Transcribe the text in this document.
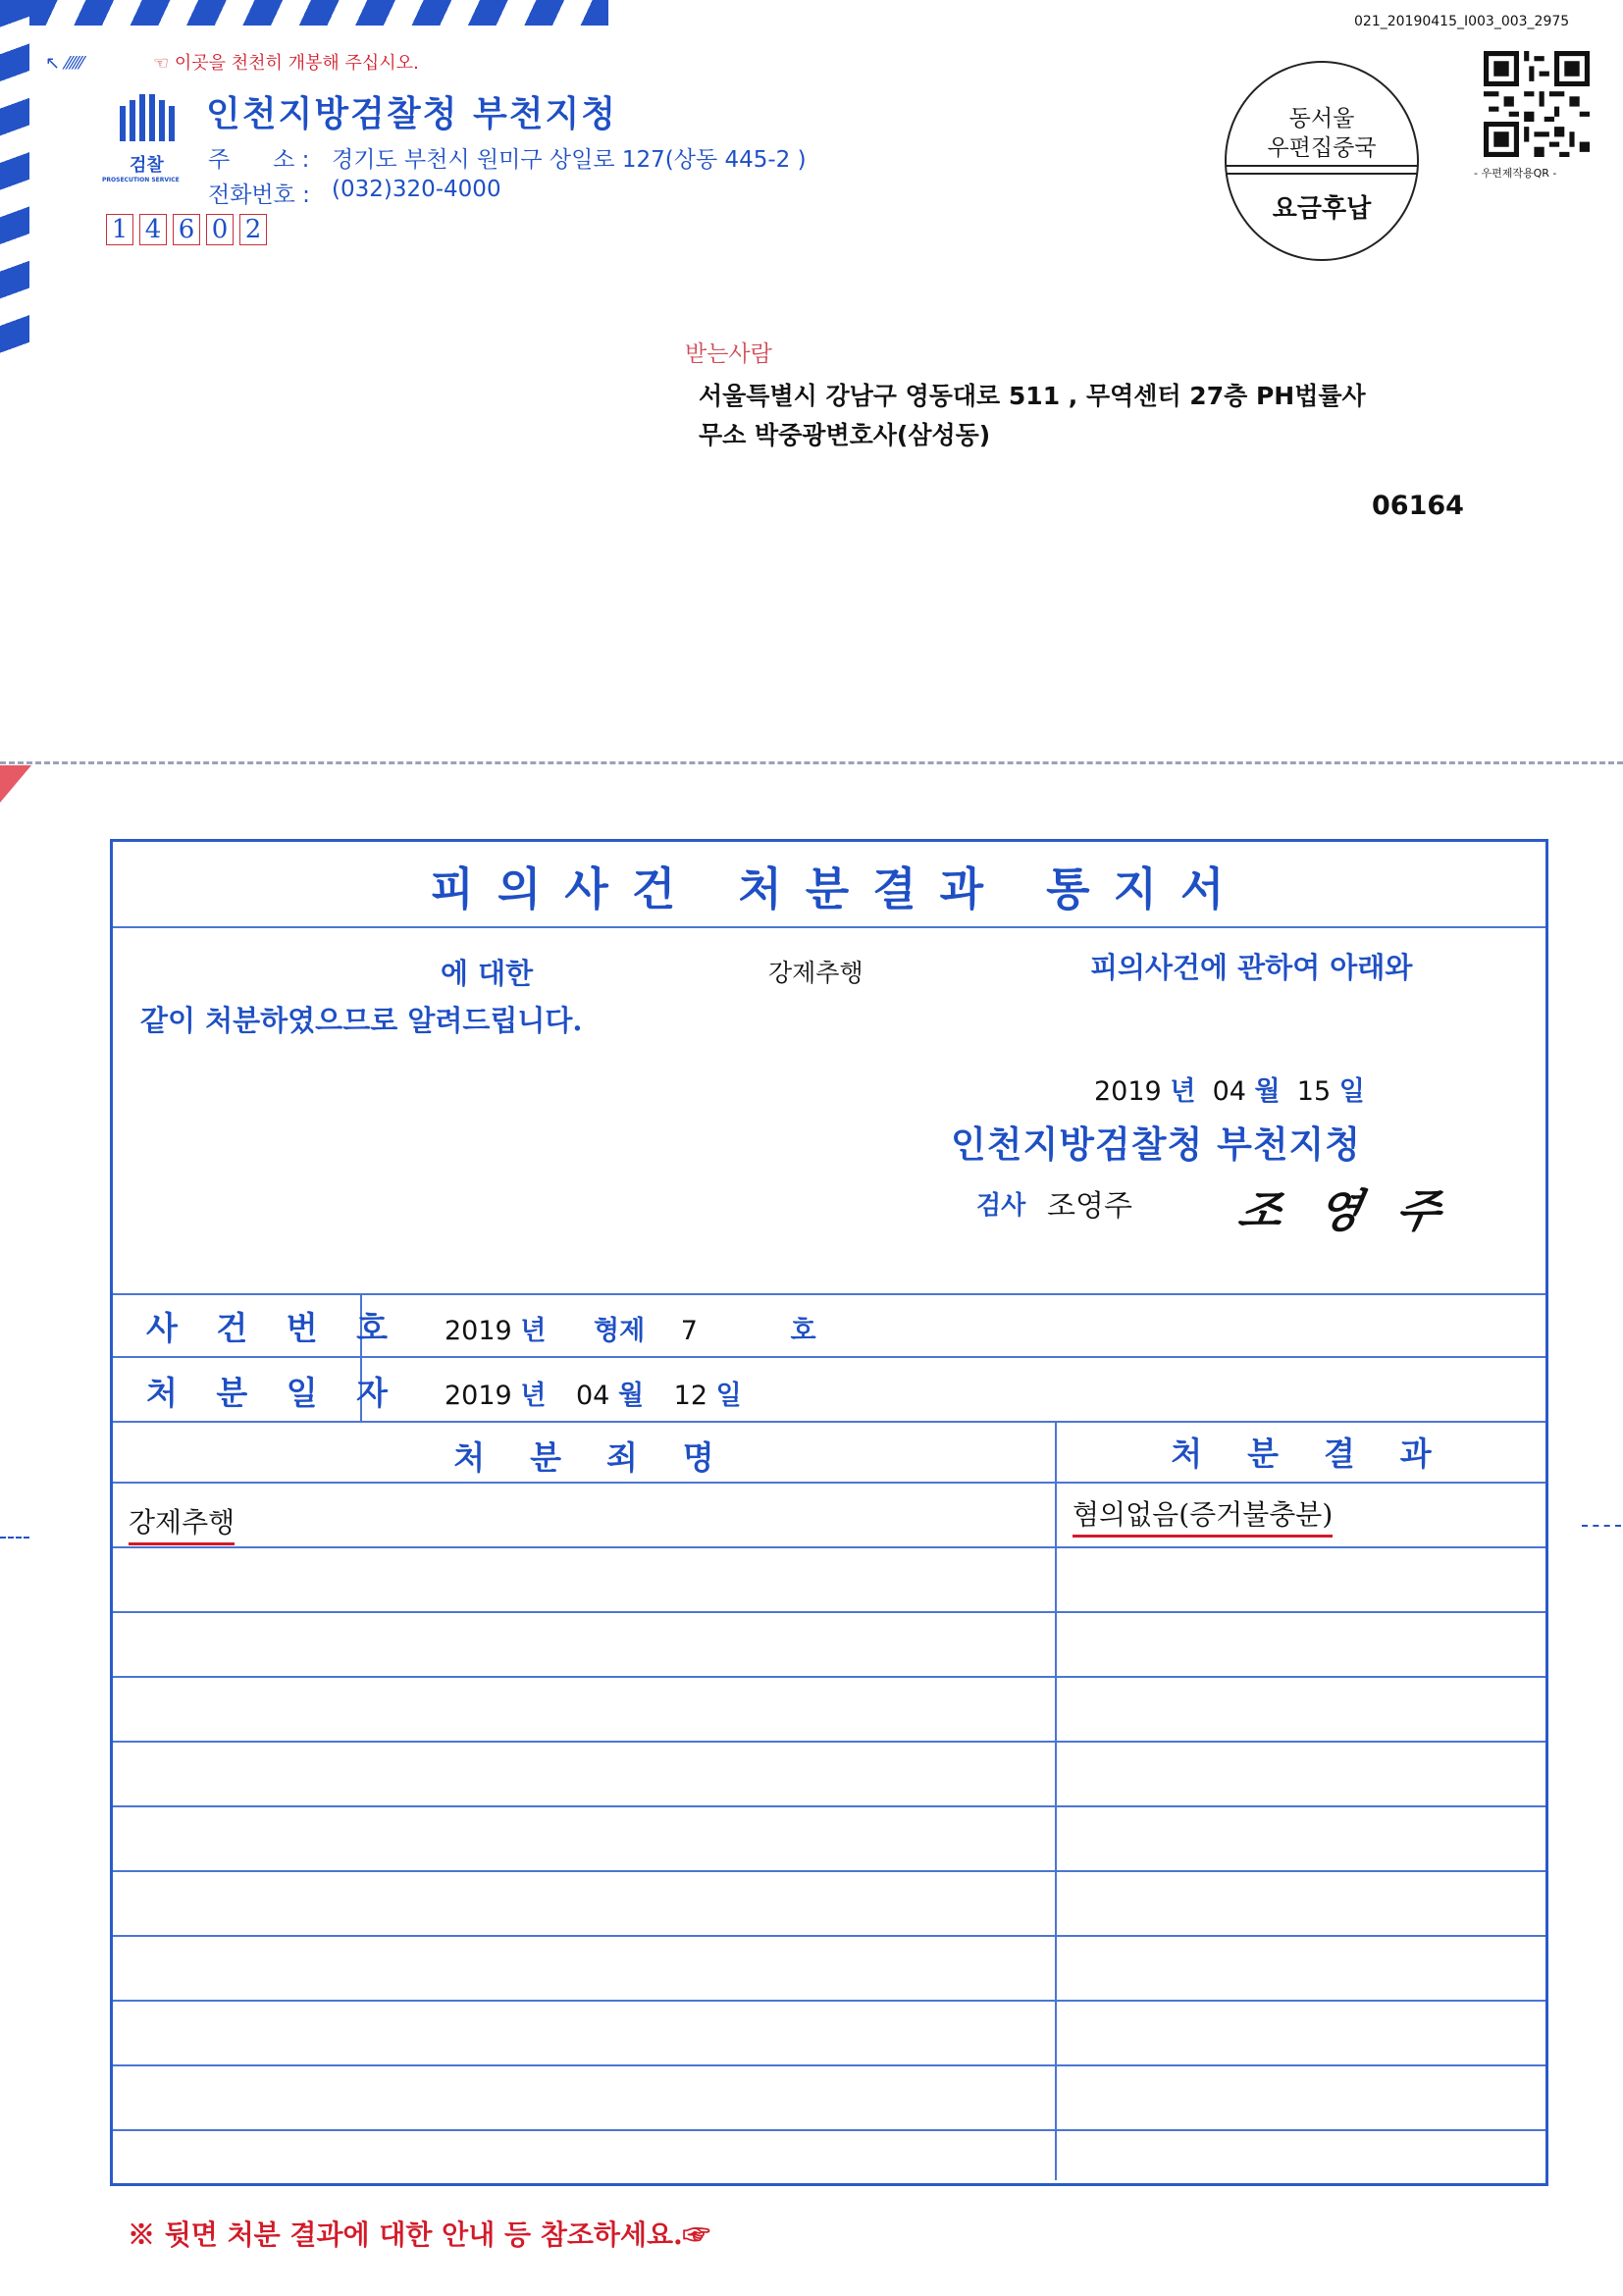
021_20190415_I003_003_2975
↖ ⁄⁄⁄⁄⁄⁄	☜ 이곳을 천천히 개봉해 주십시오.
검찰
PROSECUTION SERVICE
인천지방검찰청 부천지청
주      소 : 경기도 부천시 원미구 상일로 127(상동 445-2 )
전화번호 : (032)320-4000
1 4 6 0 2
동서울
우편집중국
요금후납
- 우편제작용QR -
받는사람
서울특별시 강남구 영동대로 511 , 무역센터 27층 PH법률사
무소 박중광변호사(삼성동)
06164
피 의 사 건   처 분 결 과   통 지 서
에 대한	강제추행	피의사건에 관하여 아래와
같이 처분하였으므로 알려드립니다.
2019 년 04 월 15 일
인천지방검찰청 부천지청
검사 조영주 조 영 주
사 건 번 호 2019 년 형제 7	호
처 분 일 자 2019 년 04 월 12 일
처    분    죄    명	처    분    결    과
강제추행	혐의없음(증거불충분)
※ 뒷면 처분 결과에 대한 안내 등 참조하세요.☞
